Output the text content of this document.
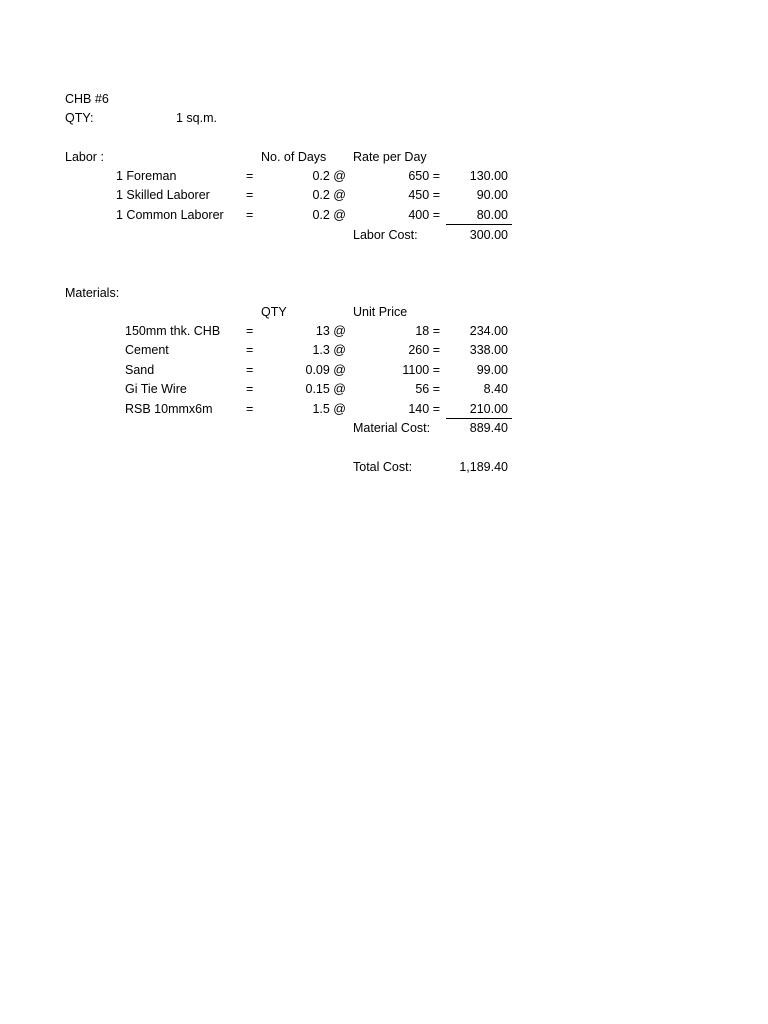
CHB #6
QTY:	1 sq.m.
Labor :	No. of Days Rate per Day
1 Foreman	=	0.2 @	650 =	130.00
1 Skilled Laborer	=	0.2 @	450 =	90.00
1 Common Laborer =	0.2 @	400 =	80.00
Labor Cost:	300.00
Materials:
QTY	Unit Price
150mm thk. CHB =	13 @	18 =	234.00
Cement	=	1.3 @	260 =	338.00
Sand	=	0.09 @	1100 =	99.00
Gi Tie Wire	=	0.15 @	56 =	8.40
RSB 10mmx6m	=	1.5 @	140 =	210.00
Material Cost:	889.40
Total Cost:	1,189.40
